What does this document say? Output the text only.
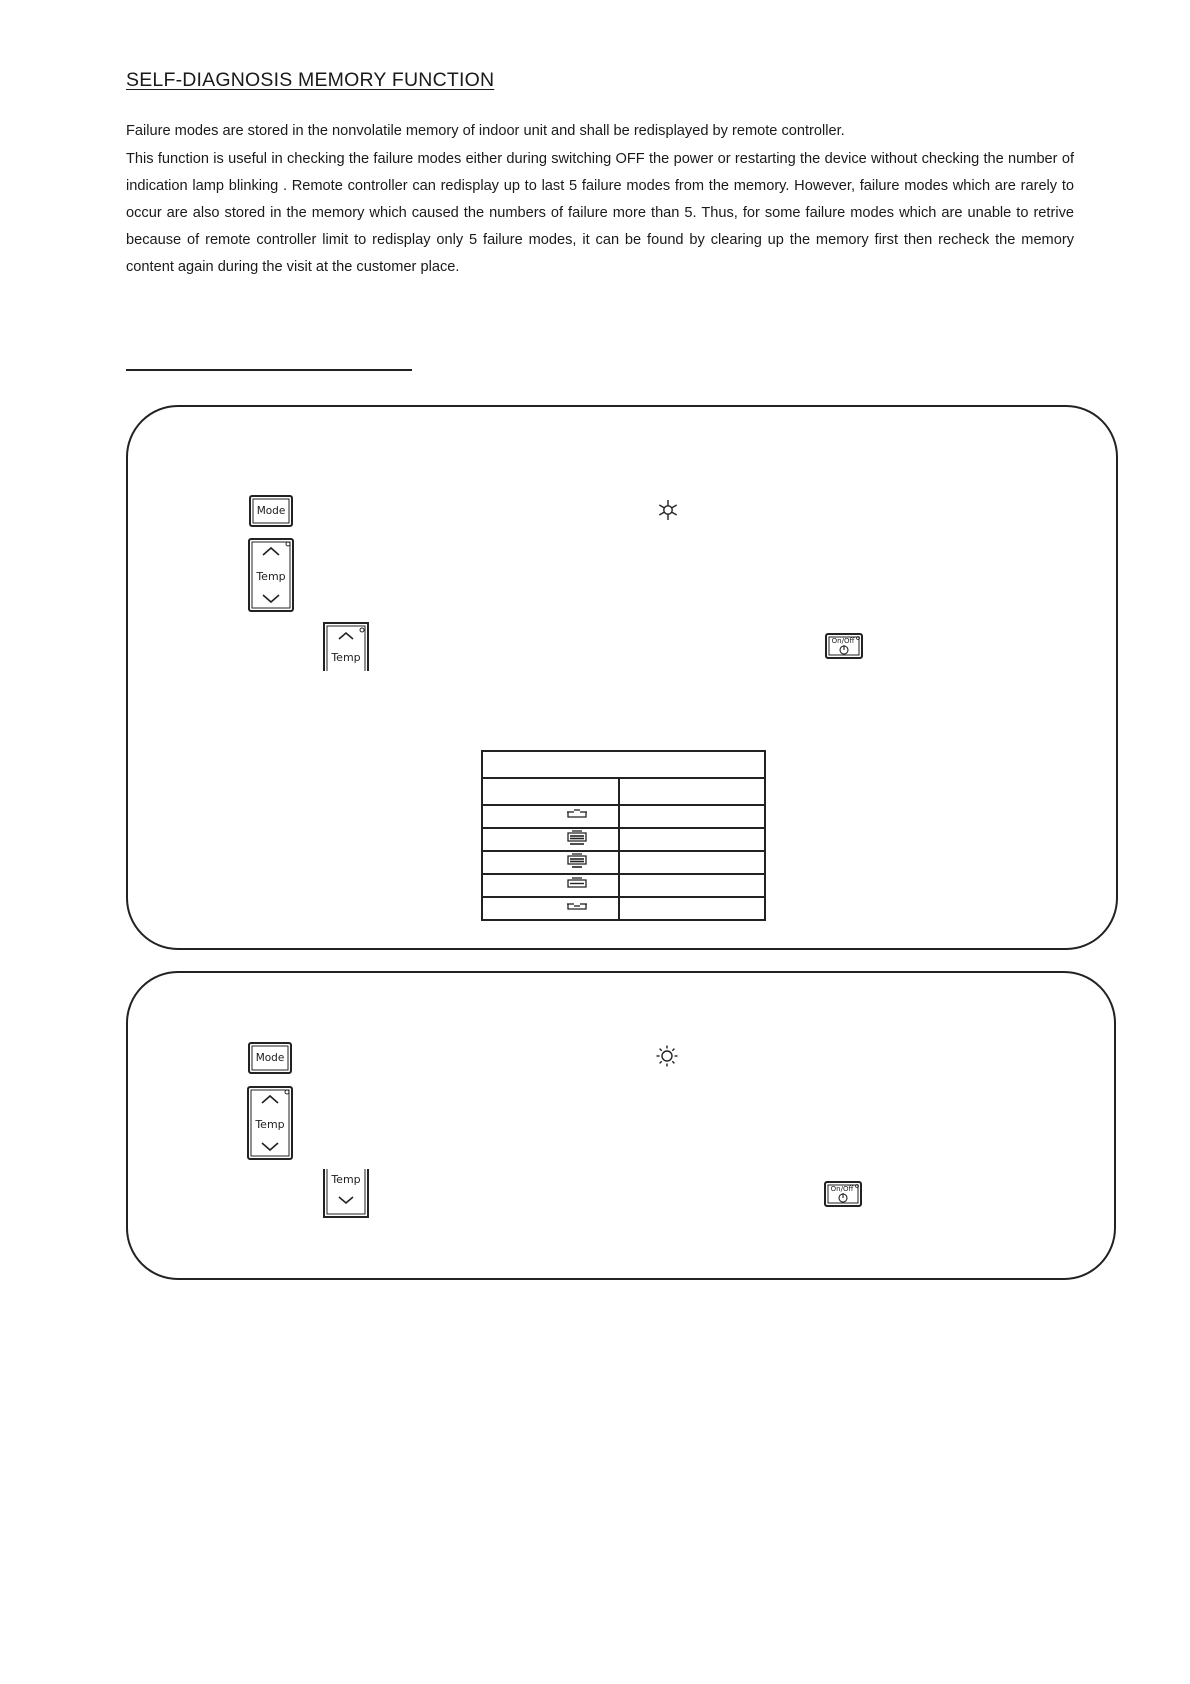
SELF-DIAGNOSIS MEMORY FUNCTION

Failure modes are stored in the nonvolatile memory of indoor unit and shall be redisplayed by remote controller.

This function is useful in checking the failure modes either during switching OFF the power or restarting the device without checking the number of indication lamp blinking . Remote controller can redisplay up to last 5 failure modes from the memory. However, failure modes which are rarely to occur are also stored in the memory which caused the numbers of failure more than 5. Thus, for some failure modes which are unable to retrive because of remote controller limit to redisplay only 5 failure modes, it can be found by clearing up the memory first then recheck the memory content again during the visit at the customer place.

Mode
Temp
Temp
On/Off

Mode
Temp
Temp
On/Off
